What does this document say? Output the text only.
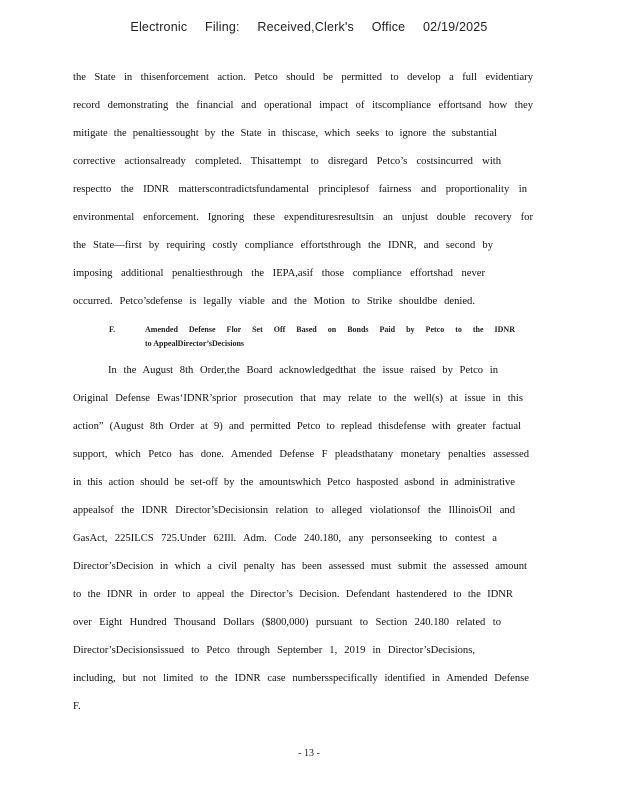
Electronic Filing: Received,Clerk's Office 02/19/2025
the State in thisenforcement action. Petco should be permitted to develop a full evidentiary
record demonstrating the financial and operational impact of itscompliance effortsand how they
mitigate the penaltiessought by the State in thiscase, which seeks to ignore the substantial
corrective actionsalready completed. Thisattempt to disregard Petco’s costsincurred with
respectto the IDNR matterscontradictsfundamental principlesof fairness and proportionality in
environmental enforcement. Ignoring these expendituresresultsin an unjust double recovery for
the State—first by requiring costly compliance effortsthrough the IDNR, and second by
imposing additional penaltiesthrough the IEPA,asif those compliance effortshad never
occurred. Petco’sdefense is legally viable and the Motion to Strike shouldbe denied.
F.	Amended Defense Flor Set Off Based on Bonds Paid by Petco to the IDNR
to AppealDirector’sDecisions
In the August 8th Order,the Board acknowledgedthat the issue raised by Petco in
Original Defense Ewas‘IDNR’sprior prosecution that may relate to the well(s) at issue in this
action” (August 8th Order at 9) and permitted Petco to replead thisdefense with greater factual
support, which Petco has done. Amended Defense F pleadsthatany monetary penalties assessed
in this action should be set-off by the amountswhich Petco hasposted asbond in administrative
appealsof the IDNR Director’sDecisionsin relation to alleged violationsof the IllinoisOil and
GasAct, 225ILCS 725.Under 62Ill. Adm. Code 240.180, any personseeking to contest a
Director’sDecision in which a civil penalty has been assessed must submit the assessed amount
to the IDNR in order to appeal the Director’s Decision. Defendant hastendered to the IDNR
over Eight Hundred Thousand Dollars ($800,000) pursuant to Section 240.180 related to
Director’sDecisionsissued to Petco through September 1, 2019 in Director’sDecisions,
including, but not limited to the IDNR case numbersspecifically identified in Amended Defense
F.
- 13 -
